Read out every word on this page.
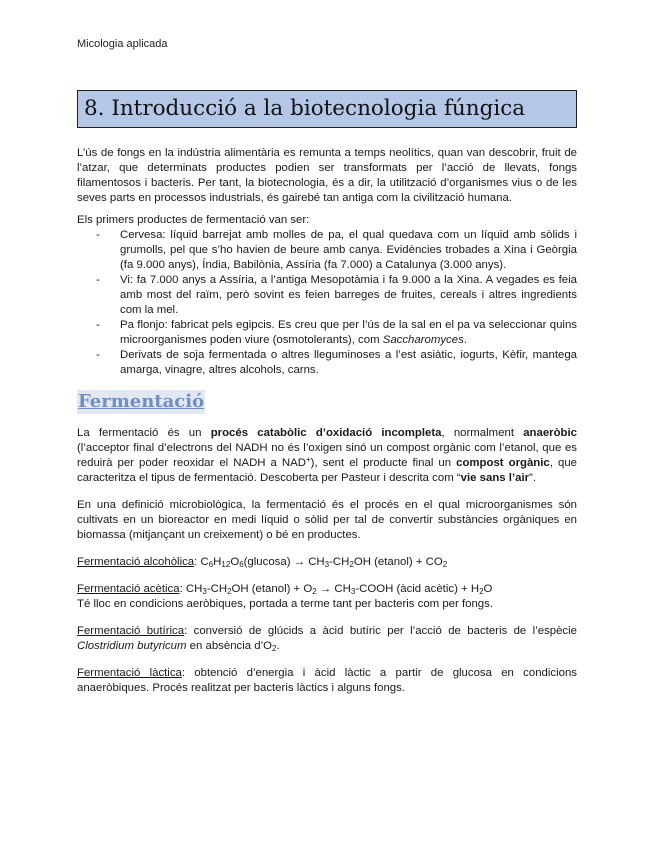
Micologia aplicada
8. Introducció a la biotecnologia fúngica

L’ús de fongs en la indústria alimentària es remunta a temps neolítics, quan van descobrir, fruit de l’atzar, que determinats productes podien ser transformats per l’acció de llevats, fongs filamentosos i bacteris. Per tant, la biotecnologia, és a dir, la utilització d’organismes vius o de les seves parts en processos industrials, és gairebé tan antiga com la civilització humana.

Els primers productes de fermentació van ser:

- Cervesa: líquid barrejat amb molles de pa, el qual quedava com un líquid amb sòlids i grumolls, pel que s’ho havien de beure amb canya. Evidències trobades a Xina i Geòrgia (fa 9.000 anys), Índia, Babilònia, Assíria (fa 7.000) a Catalunya (3.000 anys).
- Vi: fa 7.000 anys a Assíria, a l’antiga Mesopotàmia i fa 9.000 a la Xina. A vegades es feia amb most del raïm, però sovint es feien barreges de fruites, cereals i altres ingredients com la mel.
- Pa flonjo: fabricat pels egipcis. Es creu que per l’ús de la sal en el pa va seleccionar quins microorganismes poden viure (osmotolerants), com Saccharomyces.
- Derivats de soja fermentada o altres lleguminoses a l’est asiàtic, iogurts, Kèfir, mantega amarga, vinagre, altres alcohols, carns.
Fermentació

La fermentació és un procés catabòlic d’oxidació incompleta, normalment anaeròbic (l’acceptor final d’electrons del NADH no és l’oxigen sinó un compost orgànic com l’etanol, que es reduirà per poder reoxidar el NADH a NAD+), sent el producte final un compost orgànic, que caracteritza el tipus de fermentació. Descoberta per Pasteur i descrita com “vie sans l’air”.

En una definició microbiològica, la fermentació és el procés en el qual microorganismes són cultivats en un bioreactor en medi líquid o sòlid per tal de convertir substàncies orgàniques en biomassa (mitjançant un creixement) o bé en productes.

Fermentació alcohòlica: $C_6H_{12}O_6(glucosa) \to CH_3-CH_2OH$ (etanol) + $CO_2$

Fermentació acètica: $CH_3-CH_2OH$ (etanol) + $O_2$ → $CH_3$-COOH (àcid acètic) + $H_2O$

Té lloc en condicions aeròbiques, portada a terme tant per bacteris com per fongs.

Fermentació butírica: conversió de glúcids a àcid butíric per l’acció de bacteris de l’espècie Clostridium butyricum en absència $d’O_2$.

Fermentació làctica: obtenció d’energia i àcid làctic a partir de glucosa en condicions anaeròbiques. Procés realitzat per bacteris làctics i alguns fongs.
